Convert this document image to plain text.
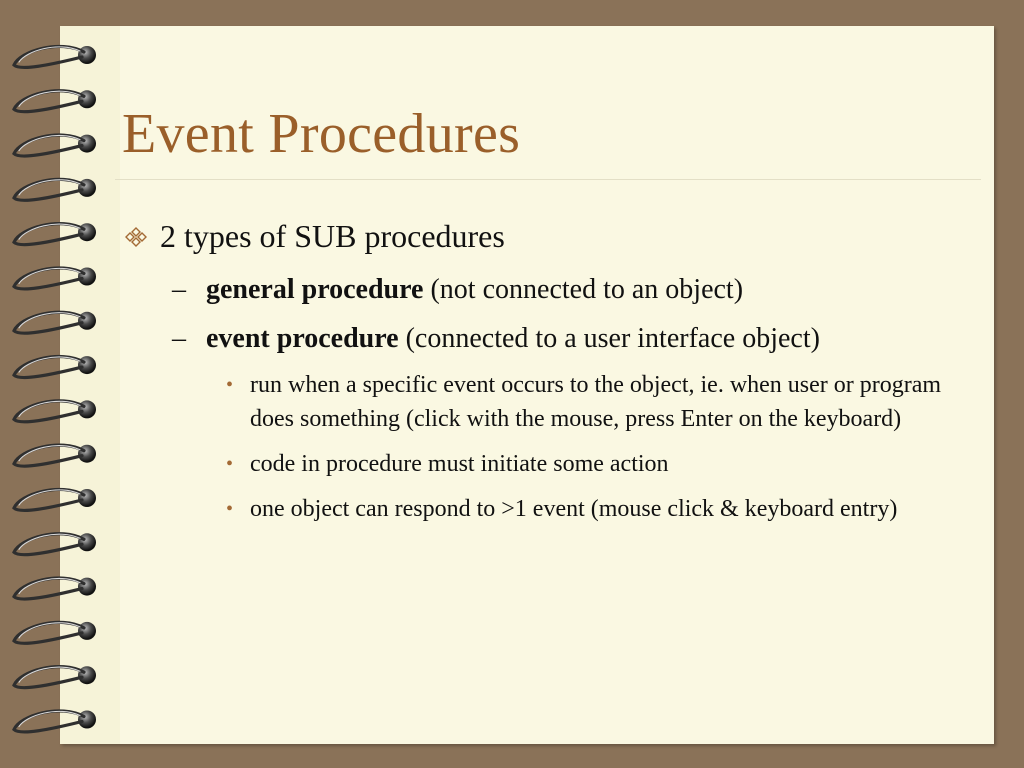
Event Procedures
2 types of SUB procedures
– general procedure (not connected to an object)
– event procedure (connected to a user interface object)
• run when a specific event occurs to the object, ie. when user or program does something (click with the mouse, press Enter on the keyboard)
• code in procedure must initiate some action
• one object can respond to >1 event (mouse click & keyboard entry)
